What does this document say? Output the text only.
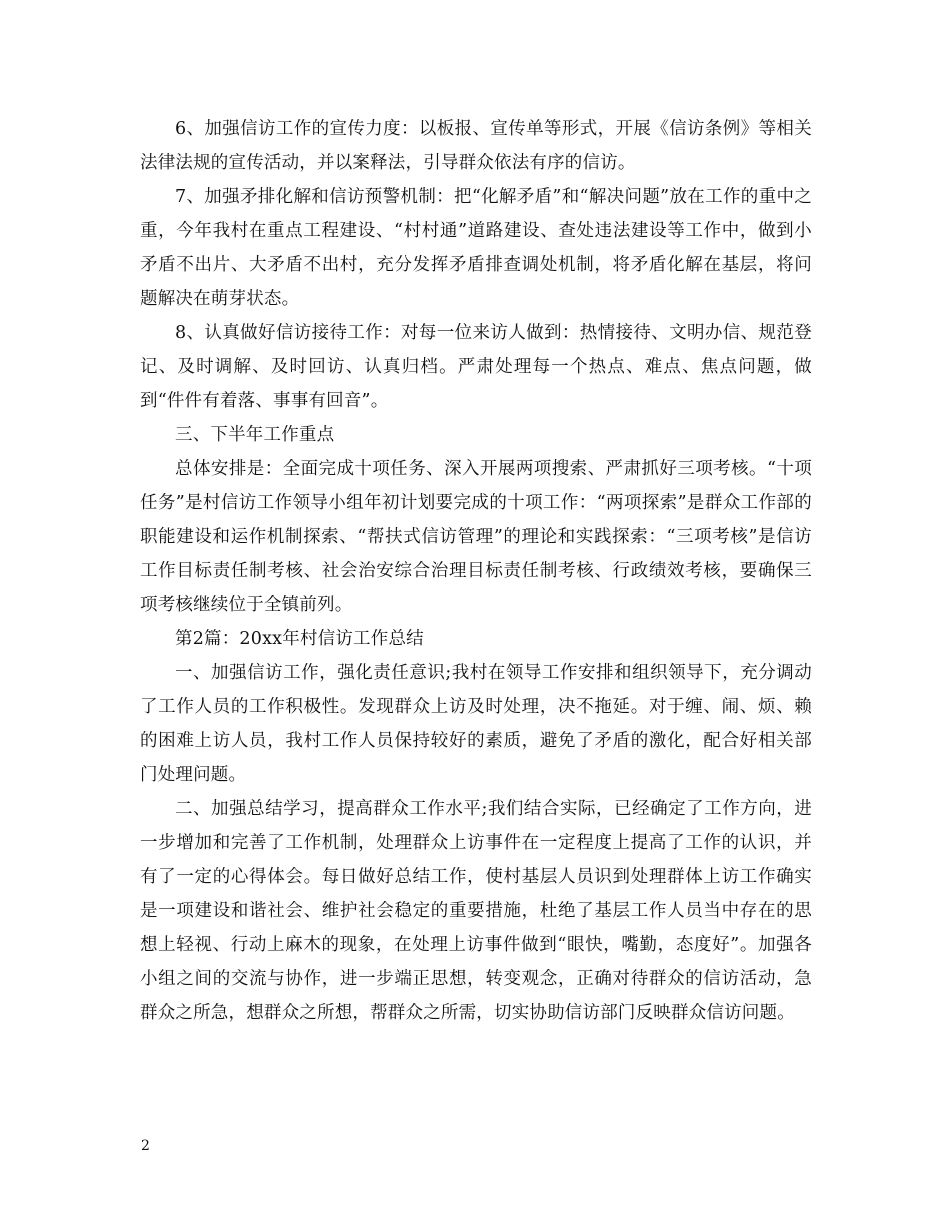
6、加强信访工作的宣传力度：以板报、宣传单等形式，开展《信访条例》等相关法律法规的宣传活动，并以案释法，引导群众依法有序的信访。

7、加强矛排化解和信访预警机制：把“化解矛盾”和“解决问题”放在工作的重中之重，今年我村在重点工程建设、“村村通”道路建设、查处违法建设等工作中，做到小矛盾不出片、大矛盾不出村，充分发挥矛盾排查调处机制，将矛盾化解在基层，将问题解决在萌芽状态。

8、认真做好信访接待工作：对每一位来访人做到：热情接待、文明办信、规范登记、及时调解、及时回访、认真归档。严肃处理每一个热点、难点、焦点问题，做到“件件有着落、事事有回音”。

三、下半年工作重点

总体安排是：全面完成十项任务、深入开展两项搜索、严肃抓好三项考核。“十项任务”是村信访工作领导小组年初计划要完成的十项工作：“两项探索”是群众工作部的职能建设和运作机制探索、“帮扶式信访管理”的理论和实践探索：“三项考核”是信访工作目标责任制考核、社会治安综合治理目标责任制考核、行政绩效考核，要确保三项考核继续位于全镇前列。

第2篇：20xx年村信访工作总结

一、加强信访工作，强化责任意识;我村在领导工作安排和组织领导下，充分调动了工作人员的工作积极性。发现群众上访及时处理，决不拖延。对于缠、闹、烦、赖的困难上访人员，我村工作人员保持较好的素质，避免了矛盾的激化，配合好相关部门处理问题。

二、加强总结学习，提高群众工作水平;我们结合实际，已经确定了工作方向，进一步增加和完善了工作机制，处理群众上访事件在一定程度上提高了工作的认识，并有了一定的心得体会。每日做好总结工作，使村基层人员识到处理群体上访工作确实是一项建设和谐社会、维护社会稳定的重要措施，杜绝了基层工作人员当中存在的思想上轻视、行动上麻木的现象，在处理上访事件做到“眼快，嘴勤，态度好”。加强各小组之间的交流与协作，进一步端正思想，转变观念，正确对待群众的信访活动，急群众之所急，想群众之所想，帮群众之所需，切实协助信访部门反映群众信访问题。

2
